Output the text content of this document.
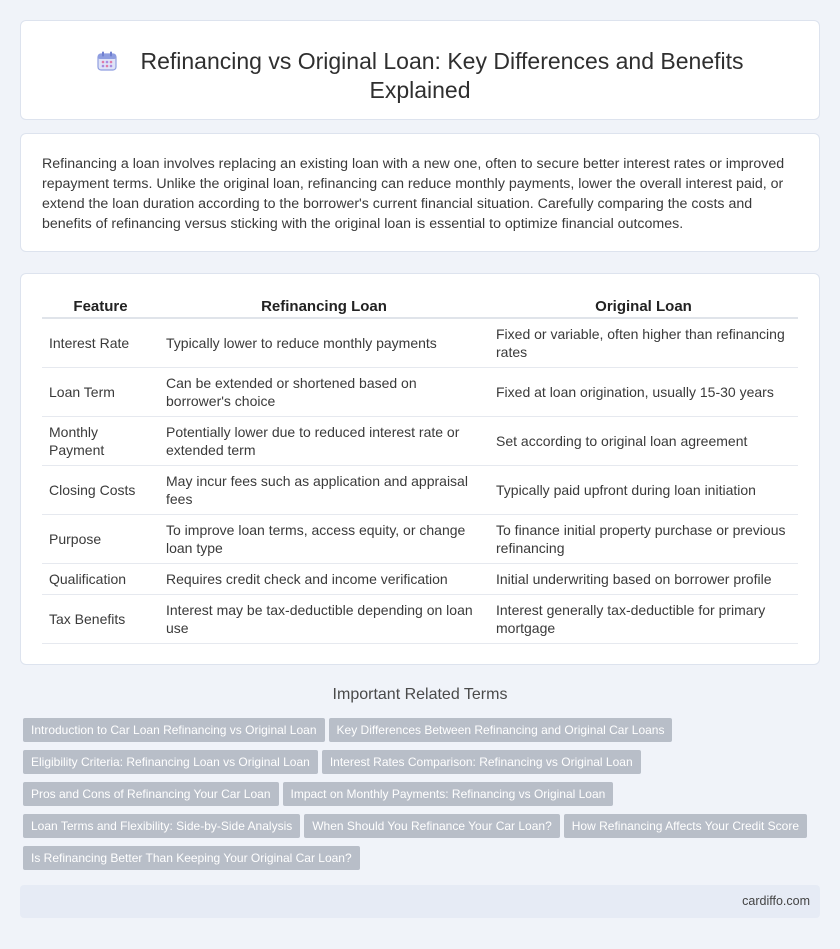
Refinancing vs Original Loan: Key Differences and Benefits
Explained

Refinancing a loan involves replacing an existing loan with a new one, often to secure better interest rates or improved repayment terms. Unlike the original loan, refinancing can reduce monthly payments, lower the overall interest paid, or extend the loan duration according to the borrower's current financial situation. Carefully comparing the costs and benefits of refinancing versus sticking with the original loan is essential to optimize financial outcomes.

Feature	Refinancing Loan	Original Loan
Interest Rate	Typically lower to reduce monthly payments	Fixed or variable, often higher than refinancing rates
Loan Term	Can be extended or shortened based on borrower's choice	Fixed at loan origination, usually 15-30 years
Monthly Payment	Potentially lower due to reduced interest rate or extended term	Set according to original loan agreement
Closing Costs	May incur fees such as application and appraisal fees	Typically paid upfront during loan initiation
Purpose	To improve loan terms, access equity, or change loan type	To finance initial property purchase or previous refinancing
Qualification	Requires credit check and income verification	Initial underwriting based on borrower profile
Tax Benefits	Interest may be tax-deductible depending on loan use	Interest generally tax-deductible for primary mortgage
Important Related Terms
Introduction to Car Loan Refinancing vs Original Loan Key Differences Between Refinancing and Original Car Loans
Eligibility Criteria: Refinancing Loan vs Original Loan Interest Rates Comparison: Refinancing vs Original Loan
Pros and Cons of Refinancing Your Car Loan Impact on Monthly Payments: Refinancing vs Original Loan
Loan Terms and Flexibility: Side-by-Side Analysis When Should You Refinance Your Car Loan? How Refinancing Affects Your Credit Score
Is Refinancing Better Than Keeping Your Original Car Loan?
cardiffo.com
